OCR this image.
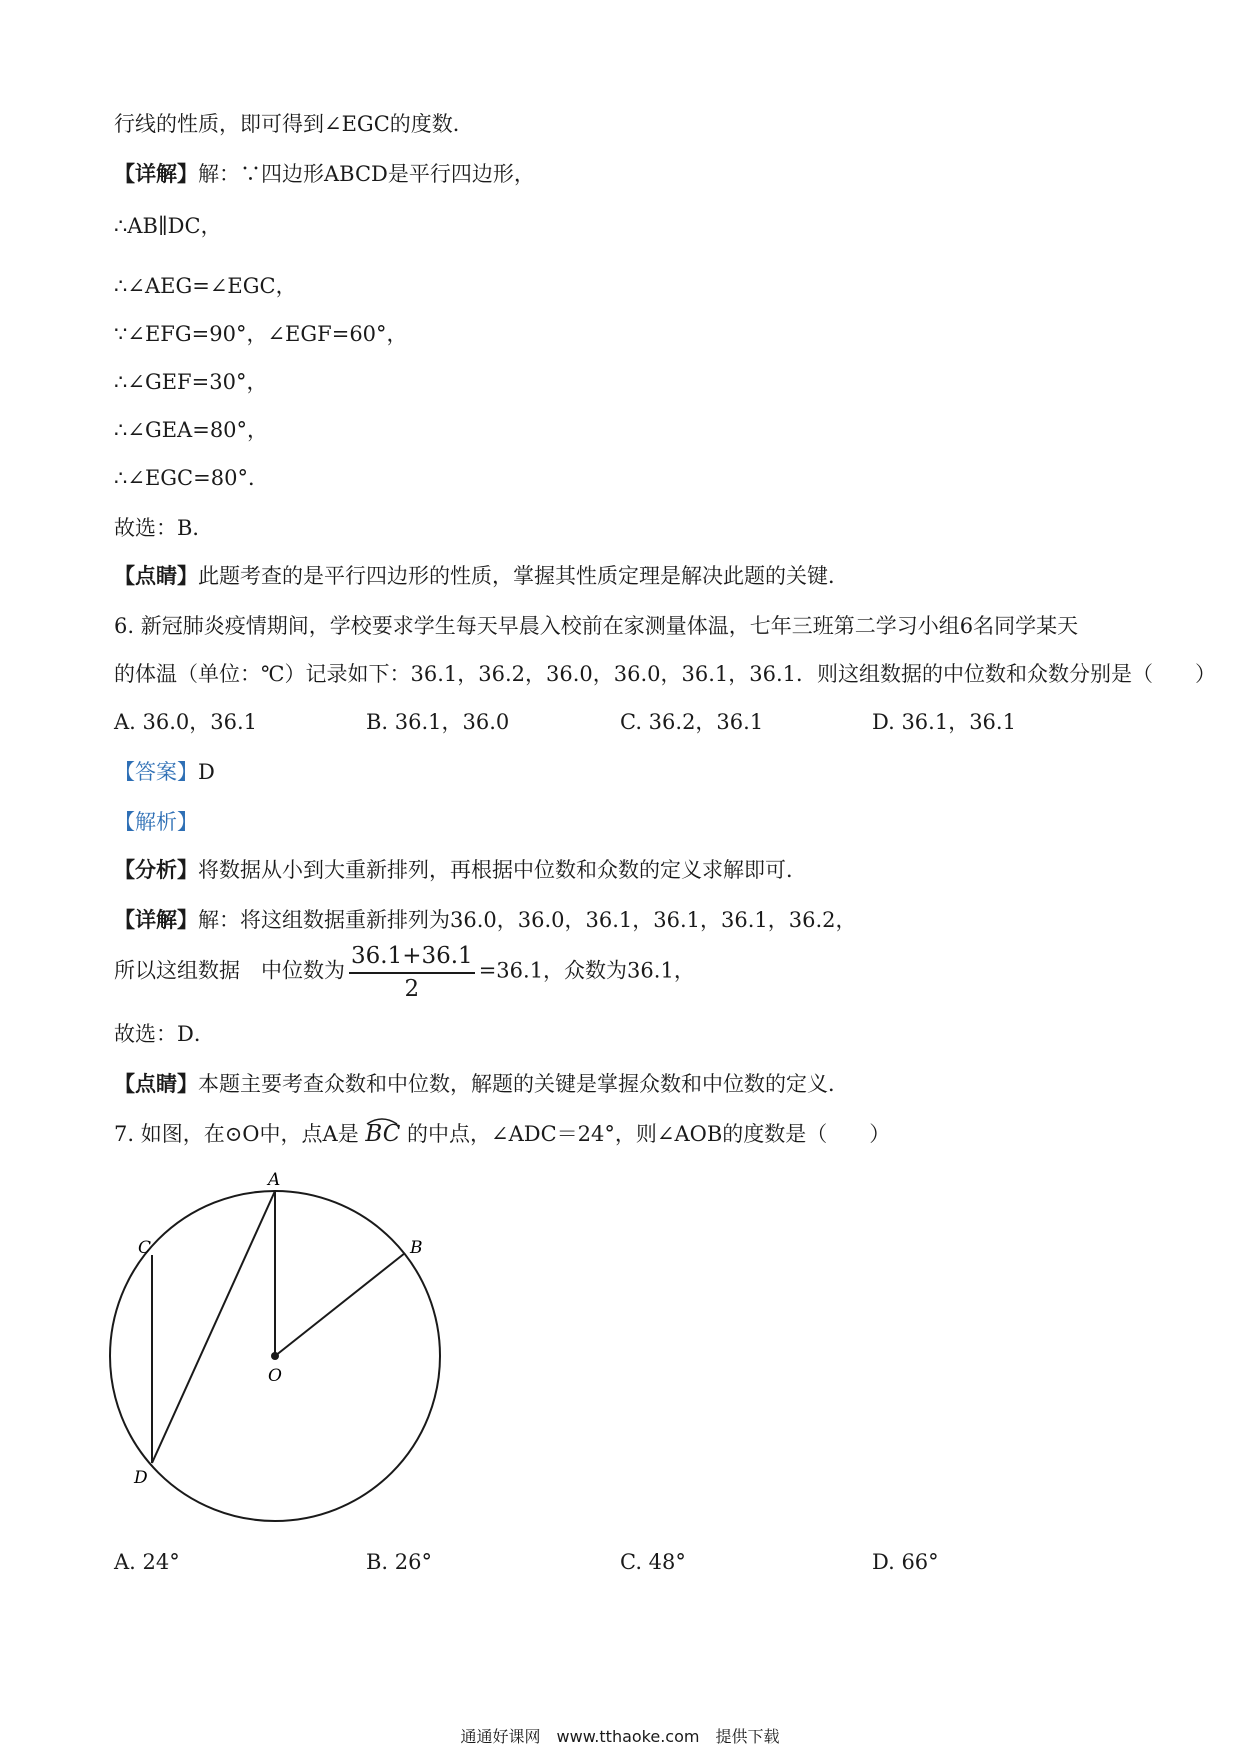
行线的性质，即可得到∠EGC的度数．
【详解】解：∵四边形ABCD是平行四边形，
∴AB∥DC，
∴∠AEG=∠EGC，
∵∠EFG=90°，∠EGF=60°，
∴∠GEF=30°，
∴∠GEA=80°，
∴∠EGC=80°．
故选：B．
【点睛】此题考查的是平行四边形的性质，掌握其性质定理是解决此题的关键．
6. 新冠肺炎疫情期间，学校要求学生每天早晨入校前在家测量体温，七年三班第二学习小组6名同学某天
的体温（单位：℃）记录如下：36.1，36.2，36.0，36.0，36.1，36.1．则这组数据的中位数和众数分别是（　　）
A. 36.0，36.1	B. 36.1，36.0	C. 36.2，36.1	D. 36.1，36.1
【答案】D
【解析】
【分析】将数据从小到大重新排列，再根据中位数和众数的定义求解即可．
【详解】解：将这组数据重新排列为36.0，36.0，36.1，36.1，36.1，36.2，
所以这组数据　中位数为 $\frac{36.1+36.1}{2} =36.1$，众数为36.1，
故选：D．
【点睛】本题主要考查众数和中位数，解题的关键是掌握众数和中位数的定义．
7. 如图，在⊙O中，点A是 BC 的中点，∠ADC＝24°，则∠AOB的度数是（　　）
A
B
C
D
O
A. 24°	B. 26°	C. 48°	D. 66°
通通好课网　www.tthaoke.com　提供下载
